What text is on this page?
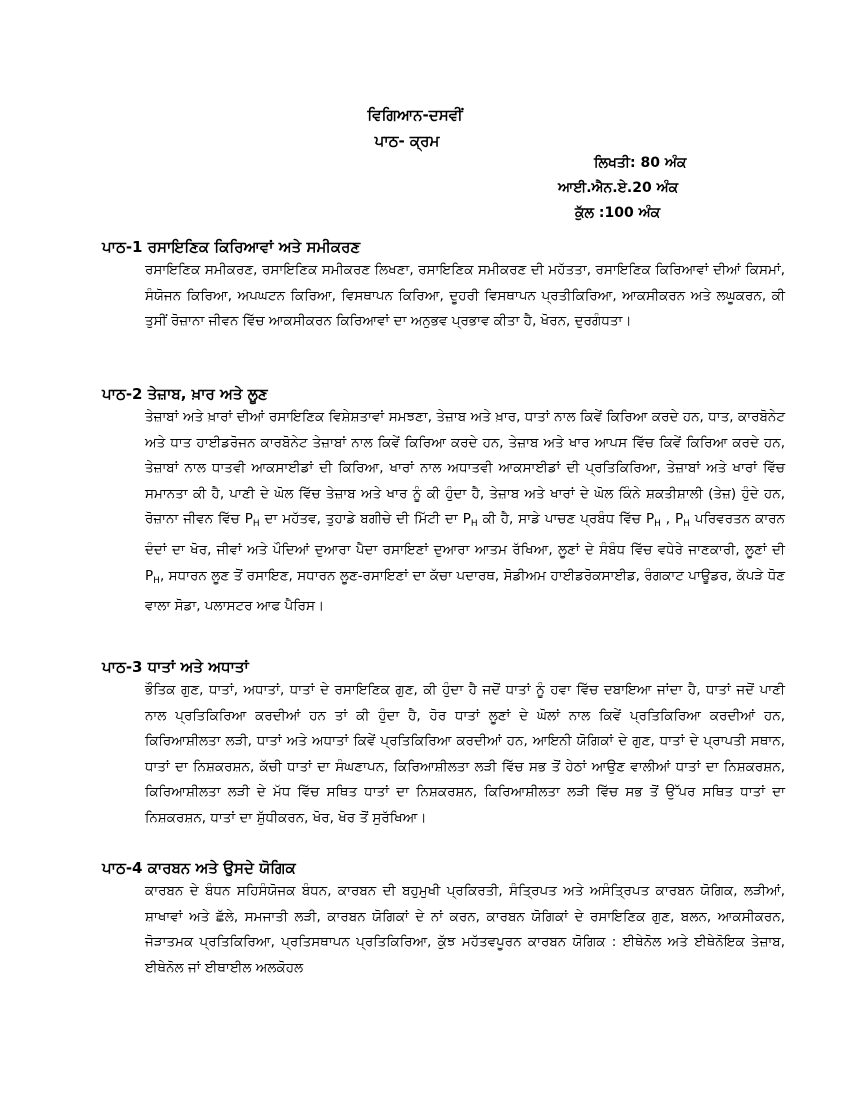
ਵਿਗਿਆਨ-ਦਸਵੀਂ
ਪਾਠ- ਕ੍ਰਮ
ਲਿਖਤੀ: 80 ਅੰਕ
ਆਈ.ਐਨ.ਏ.20 ਅੰਕ
ਕੁੱਲ :100 ਅੰਕ
ਪਾਠ-1 ਰਸਾਇਣਿਕ ਕਿਰਿਆਵਾਂ ਅਤੇ ਸਮੀਕਰਣ
ਰਸਾਇਣਿਕ ਸਮੀਕਰਣ, ਰਸਾਇਣਿਕ ਸਮੀਕਰਣ ਲਿਖਣਾ, ਰਸਾਇਣਿਕ ਸਮੀਕਰਣ ਦੀ ਮਹੱਤਤਾ, ਰਸਾਇਣਿਕ ਕਿਰਿਆਵਾਂ ਦੀਆਂ ਕਿਸਮਾਂ, ਸੰਯੋਜਨ ਕਿਰਿਆ, ਅਪਘਟਨ ਕਿਰਿਆ, ਵਿਸਥਾਪਨ ਕਿਰਿਆ, ਦੂਹਰੀ ਵਿਸਥਾਪਨ ਪ੍ਰਤੀਕਿਰਿਆ, ਆਕਸੀਕਰਨ ਅਤੇ ਲਘੂਕਰਨ, ਕੀ ਤੁਸੀਂ ਰੋਜ਼ਾਨਾ ਜੀਵਨ ਵਿੱਚ ਆਕਸੀਕਰਨ ਕਿਰਿਆਵਾਂ ਦਾ ਅਨੁਭਵ ਪ੍ਰਭਾਵ ਕੀਤਾ ਹੈ, ਖੋਰਨ, ਦੁਰਗੰਧਤਾ।
ਪਾਠ-2 ਤੇਜ਼ਾਬ, ਖ਼ਾਰ ਅਤੇ ਲੂਣ
ਤੇਜ਼ਾਬਾਂ ਅਤੇ ਖ਼ਾਰਾਂ ਦੀਆਂ ਰਸਾਇਣਿਕ ਵਿਸ਼ੇਸ਼ਤਾਵਾਂ ਸਮਝਣਾ, ਤੇਜ਼ਾਬ ਅਤੇ ਖ਼ਾਰ, ਧਾਤਾਂ ਨਾਲ ਕਿਵੇਂ ਕਿਰਿਆ ਕਰਦੇ ਹਨ, ਧਾਤ, ਕਾਰਬੋਨੇਟ ਅਤੇ ਧਾਤ ਹਾਈਡਰੋਜਨ ਕਾਰਬੋਨੇਟ ਤੇਜ਼ਾਬਾਂ ਨਾਲ ਕਿਵੇਂ ਕਿਰਿਆ ਕਰਦੇ ਹਨ, ਤੇਜ਼ਾਬ ਅਤੇ ਖਾਰ ਆਪਸ ਵਿੱਚ ਕਿਵੇਂ ਕਿਰਿਆ ਕਰਦੇ ਹਨ, ਤੇਜ਼ਾਬਾਂ ਨਾਲ ਧਾਤਵੀ ਆਕਸਾਈਡਾਂ ਦੀ ਕਿਰਿਆ, ਖਾਰਾਂ ਨਾਲ ਅਧਾਤਵੀ ਆਕਸਾਈਡਾਂ ਦੀ ਪ੍ਰਤਿਕਿਰਿਆ, ਤੇਜ਼ਾਬਾਂ ਅਤੇ ਖਾਰਾਂ ਵਿੱਚ ਸਮਾਨਤਾ ਕੀ ਹੈ, ਪਾਣੀ ਦੇ ਘੋਲ ਵਿੱਚ ਤੇਜ਼ਾਬ ਅਤੇ ਖਾਰ ਨੂੰ ਕੀ ਹੁੰਦਾ ਹੈ, ਤੇਜ਼ਾਬ ਅਤੇ ਖਾਰਾਂ ਦੇ ਘੋਲ ਕਿੰਨੇ ਸ਼ਕਤੀਸ਼ਾਲੀ (ਤੇਜ਼) ਹੁੰਦੇ ਹਨ, ਰੋਜ਼ਾਨਾ ਜੀਵਨ ਵਿੱਚ $P_H$ ਦਾ ਮਹੱਤਵ, ਤੁਹਾਡੇ ਬਗੀਚੇ ਦੀ ਮਿੱਟੀ ਦਾ $P_H$ ਕੀ ਹੈ, ਸਾਡੇ ਪਾਚਣ ਪ੍ਰਬੰਧ ਵਿੱਚ $P_H$ , $P_H$ ਪਰਿਵਰਤਨ ਕਾਰਨ ਦੰਦਾਂ ਦਾ ਖੋਰ, ਜੀਵਾਂ ਅਤੇ ਪੌਦਿਆਂ ਦੁਆਰਾ ਪੈਦਾ ਰਸਾਇਣਾਂ ਦੁਆਰਾ ਆਤਮ ਰੱਖਿਆ, ਲੂਣਾਂ ਦੇ ਸੰਬੰਧ ਵਿੱਚ ਵਧੇਰੇ ਜਾਣਕਾਰੀ, ਲੂਣਾਂ ਦੀ $P_H$, ਸਧਾਰਨ ਲੂਣ ਤੋਂ ਰਸਾਇਣ, ਸਧਾਰਨ ਲੂਣ-ਰਸਾਇਣਾਂ ਦਾ ਕੱਚਾ ਪਦਾਰਥ, ਸੋਡੀਅਮ ਹਾਈਡਰੋਕਸਾਈਡ, ਰੰਗਕਾਟ ਪਾਊਡਰ, ਕੱਪੜੇ ਧੋਣ ਵਾਲਾ ਸੋਡਾ, ਪਲਾਸਟਰ ਆਫ ਪੈਰਿਸ।
ਪਾਠ-3 ਧਾਤਾਂ ਅਤੇ ਅਧਾਤਾਂ
ਭੌਤਿਕ ਗੁਣ, ਧਾਤਾਂ, ਅਧਾਤਾਂ, ਧਾਤਾਂ ਦੇ ਰਸਾਇਣਿਕ ਗੁਣ, ਕੀ ਹੁੰਦਾ ਹੈ ਜਦੋਂ ਧਾਤਾਂ ਨੂੰ ਹਵਾ ਵਿੱਚ ਦਬਾਇਆ ਜਾਂਦਾ ਹੈ, ਧਾਤਾਂ ਜਦੋਂ ਪਾਣੀ ਨਾਲ ਪ੍ਰਤਿਕਿਰਿਆ ਕਰਦੀਆਂ ਹਨ ਤਾਂ ਕੀ ਹੁੰਦਾ ਹੈ, ਹੋਰ ਧਾਤਾਂ ਲੂਣਾਂ ਦੇ ਘੋਲਾਂ ਨਾਲ ਕਿਵੇਂ ਪ੍ਰਤਿਕਿਰਿਆ ਕਰਦੀਆਂ ਹਨ, ਕਿਰਿਆਸ਼ੀਲਤਾ ਲੜੀ, ਧਾਤਾਂ ਅਤੇ ਅਧਾਤਾਂ ਕਿਵੇਂ ਪ੍ਰਤਿਕਿਰਿਆ ਕਰਦੀਆਂ ਹਨ, ਆਇਨੀ ਯੋਗਿਕਾਂ ਦੇ ਗੁਣ, ਧਾਤਾਂ ਦੇ ਪ੍ਰਾਪਤੀ ਸਥਾਨ, ਧਾਤਾਂ ਦਾ ਨਿਸ਼ਕਰਸ਼ਨ, ਕੱਚੀ ਧਾਤਾਂ ਦਾ ਸੰਘਣਾਪਨ, ਕਿਰਿਆਸ਼ੀਲਤਾ ਲੜੀ ਵਿੱਚ ਸਭ ਤੋਂ ਹੇਠਾਂ ਆਉਣ ਵਾਲੀਆਂ ਧਾਤਾਂ ਦਾ ਨਿਸ਼ਕਰਸ਼ਨ, ਕਿਰਿਆਸ਼ੀਲਤਾ ਲੜੀ ਦੇ ਮੱਧ ਵਿੱਚ ਸਥਿਤ ਧਾਤਾਂ ਦਾ ਨਿਸ਼ਕਰਸ਼ਨ, ਕਿਰਿਆਸ਼ੀਲਤਾ ਲੜੀ ਵਿੱਚ ਸਭ ਤੋਂ ਉੱਪਰ ਸਥਿਤ ਧਾਤਾਂ ਦਾ ਨਿਸ਼ਕਰਸ਼ਨ, ਧਾਤਾਂ ਦਾ ਸ਼ੁੱਧੀਕਰਨ, ਖੋਰ, ਖੋਰ ਤੋਂ ਸੁਰੱਖਿਆ।
ਪਾਠ-4 ਕਾਰਬਨ ਅਤੇ ਉਸਦੇ ਯੋਗਿਕ
ਕਾਰਬਨ ਦੇ ਬੰਧਨ ਸਹਿਸੰਯੋਜਕ ਬੰਧਨ, ਕਾਰਬਨ ਦੀ ਬਹੁਮੁਖੀ ਪ੍ਰਕਿਰਤੀ, ਸੰਤ੍ਰਿਪਤ ਅਤੇ ਅਸੰਤ੍ਰਿਪਤ ਕਾਰਬਨ ਯੋਗਿਕ, ਲੜੀਆਂ, ਸ਼ਾਖਾਵਾਂ ਅਤੇ ਛੱਲੇ, ਸਮਜਾਤੀ ਲੜੀ, ਕਾਰਬਨ ਯੋਗਿਕਾਂ ਦੇ ਨਾਂ ਕਰਨ, ਕਾਰਬਨ ਯੋਗਿਕਾਂ ਦੇ ਰਸਾਇਣਿਕ ਗੁਣ, ਬਲਨ, ਆਕਸੀਕਰਨ, ਜੋੜਾਤਮਕ ਪ੍ਰਤਿਕਿਰਿਆ, ਪ੍ਰਤਿਸਥਾਪਨ ਪ੍ਰਤਿਕਿਰਿਆ, ਕੁੱਝ ਮਹੱਤਵਪੂਰਨ ਕਾਰਬਨ ਯੋਗਿਕ : ਈਥੇਨੋਲ ਅਤੇ ਈਥੇਨੋਇਕ ਤੇਜ਼ਾਬ, ਈਥੇਨੋਲ ਜਾਂ ਈਥਾਈਲ ਅਲਕੋਹਲ
